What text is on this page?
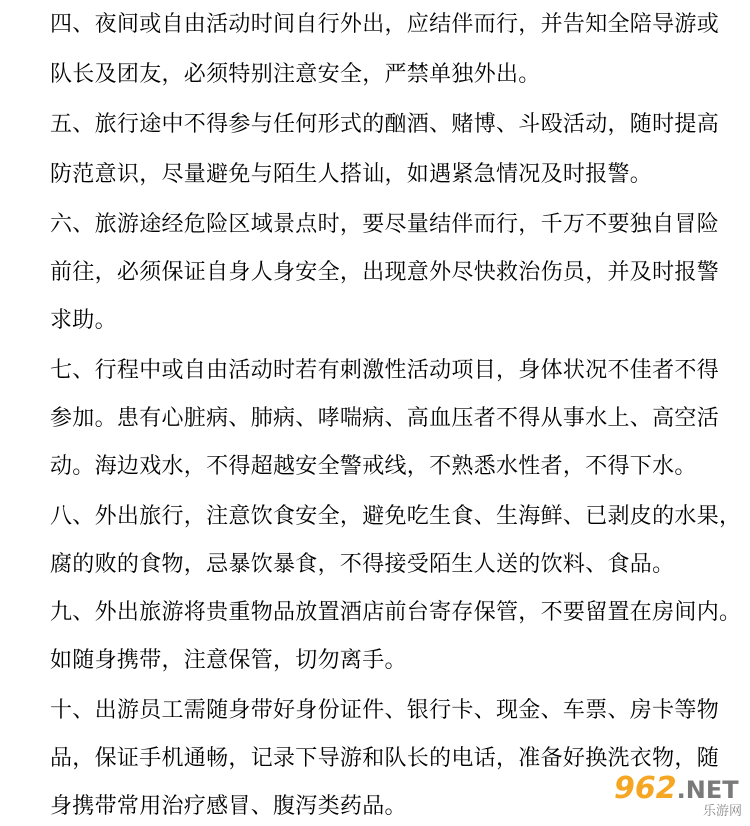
四、夜间或自由活动时间自行外出，应结伴而行，并告知全陪导游或

队长及团友，必须特别注意安全，严禁单独外出。

五、旅行途中不得参与任何形式的酗酒、赌博、斗殴活动，随时提高

防范意识，尽量避免与陌生人搭讪，如遇紧急情况及时报警。

六、旅游途经危险区域景点时，要尽量结伴而行，千万不要独自冒险

前往，必须保证自身人身安全，出现意外尽快救治伤员，并及时报警

求助。

七、行程中或自由活动时若有刺激性活动项目，身体状况不佳者不得

参加。患有心脏病、肺病、哮喘病、高血压者不得从事水上、高空活

动。海边戏水，不得超越安全警戒线，不熟悉水性者，不得下水。

八、外出旅行，注意饮食安全，避免吃生食、生海鲜、已剥皮的水果，

腐的败的食物，忌暴饮暴食，不得接受陌生人送的饮料、食品。

九、外出旅游将贵重物品放置酒店前台寄存保管，不要留置在房间内。

如随身携带，注意保管，切勿离手。

十、出游员工需随身带好身份证件、银行卡、现金、车票、房卡等物

品，保证手机通畅，记录下导游和队长的电话，准备好换洗衣物，随

身携带常用治疗感冒、腹泻类药品。

962.NET
乐游网
